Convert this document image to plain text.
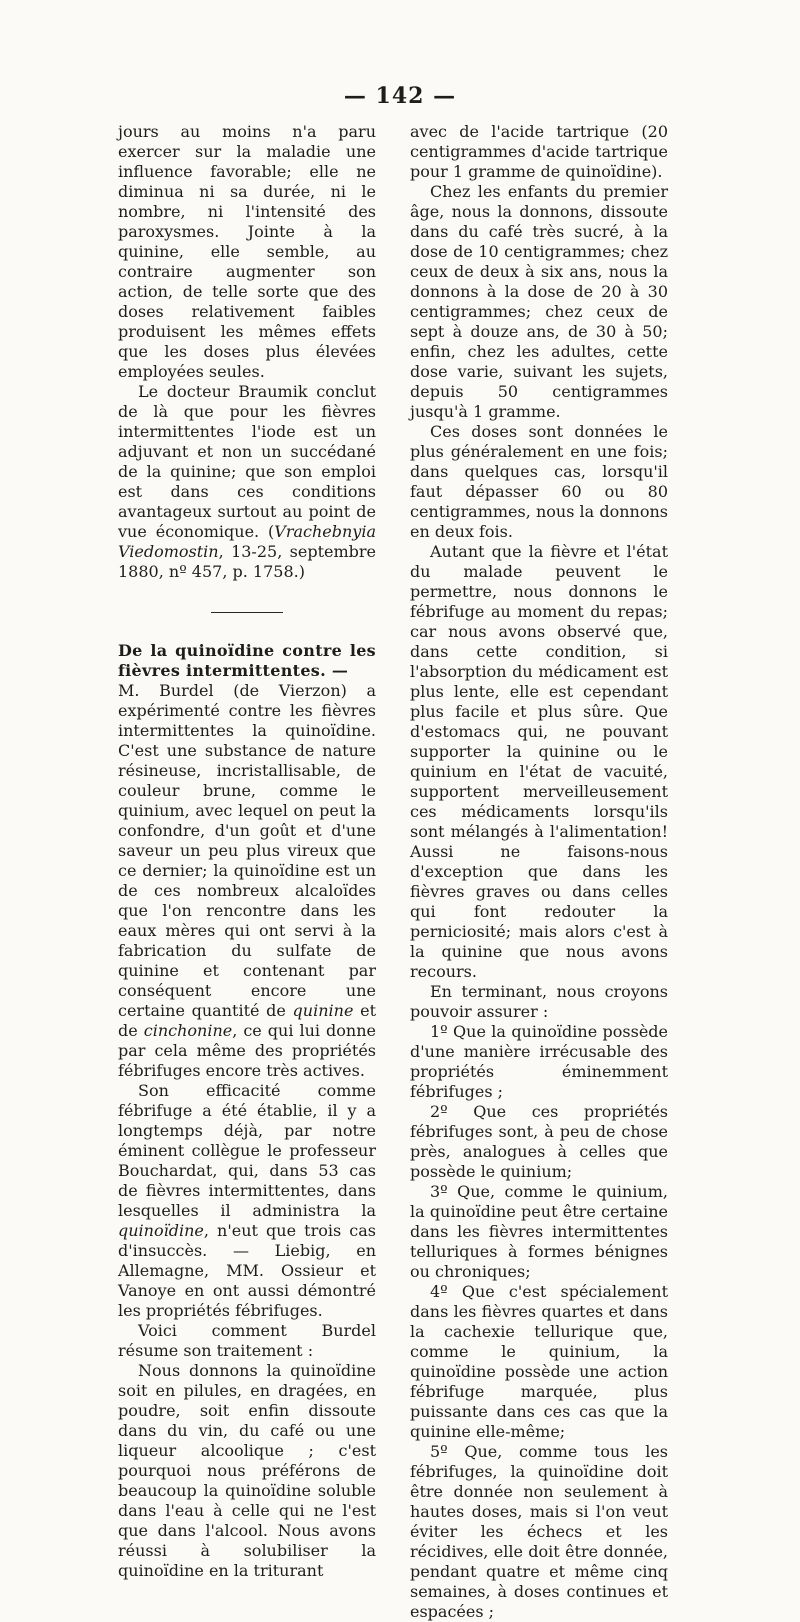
— 142 —

jours au moins n'a paru exercer sur la maladie une influence favorable; elle ne diminua ni sa durée, ni le nombre, ni l'intensité des paroxysmes. Jointe à la quinine, elle semble, au contraire augmenter son action, de telle sorte que des doses relativement faibles produisent les mêmes effets que les doses plus élevées employées seules.

Le docteur Braumik conclut de là que pour les fièvres intermittentes l'iode est un adjuvant et non un succédané de la quinine; que son emploi est dans ces conditions avantageux surtout au point de vue économique. (Vrachebnyia Viedomostin, 13-25, septembre 1880, nº 457, p. 1758.)

De la quinoïdine contre les fièvres intermittentes. —

M. Burdel (de Vierzon) a expérimenté contre les fièvres intermittentes la quinoïdine. C'est une substance de nature résineuse, incristallisable, de couleur brune, comme le quinium, avec lequel on peut la confondre, d'un goût et d'une saveur un peu plus vireux que ce dernier; la quinoïdine est un de ces nombreux alcaloïdes que l'on rencontre dans les eaux mères qui ont servi à la fabrication du sulfate de quinine et contenant par conséquent encore une certaine quantité de quinine et de cinchonine, ce qui lui donne par cela même des propriétés fébrifuges encore très actives.

Son efficacité comme fébrifuge a été établie, il y a longtemps déjà, par notre éminent collègue le professeur Bouchardat, qui, dans 53 cas de fièvres intermittentes, dans lesquelles il administra la quinoïdine, n'eut que trois cas d'insuccès. — Liebig, en Allemagne, MM. Ossieur et Vanoye en ont aussi démontré les propriétés fébrifuges.

Voici comment Burdel résume son traitement :

Nous donnons la quinoïdine soit en pilules, en dragées, en poudre, soit enfin dissoute dans du vin, du café ou une liqueur alcoolique ; c'est pourquoi nous préférons de beaucoup la quinoïdine soluble dans l'eau à celle qui ne l'est que dans l'alcool. Nous avons réussi à solubiliser la quinoïdine en la triturant

avec de l'acide tartrique (20 centigrammes d'acide tartrique pour 1 gramme de quinoïdine).

Chez les enfants du premier âge, nous la donnons, dissoute dans du café très sucré, à la dose de 10 centigrammes; chez ceux de deux à six ans, nous la donnons à la dose de 20 à 30 centigrammes; chez ceux de sept à douze ans, de 30 à 50; enfin, chez les adultes, cette dose varie, suivant les sujets, depuis 50 centigrammes jusqu'à 1 gramme.

Ces doses sont données le plus généralement en une fois; dans quelques cas, lorsqu'il faut dépasser 60 ou 80 centigrammes, nous la donnons en deux fois.

Autant que la fièvre et l'état du malade peuvent le permettre, nous donnons le fébrifuge au moment du repas; car nous avons observé que, dans cette condition, si l'absorption du médicament est plus lente, elle est cependant plus facile et plus sûre. Que d'estomacs qui, ne pouvant supporter la quinine ou le quinium en l'état de vacuité, supportent merveilleusement ces médicaments lorsqu'ils sont mélangés à l'alimentation! Aussi ne faisons-nous d'exception que dans les fièvres graves ou dans celles qui font redouter la perniciosité; mais alors c'est à la quinine que nous avons recours.

En terminant, nous croyons pouvoir assurer :

1º Que la quinoïdine possède d'une manière irrécusable des propriétés éminemment fébrifuges ;

2º Que ces propriétés fébrifuges sont, à peu de chose près, analogues à celles que possède le quinium;

3º Que, comme le quinium, la quinoïdine peut être certaine dans les fièvres intermittentes telluriques à formes bénignes ou chroniques;

4º Que c'est spécialement dans les fièvres quartes et dans la cachexie tellurique que, comme le quinium, la quinoïdine possède une action fébrifuge marquée, plus puissante dans ces cas que la quinine elle-même;

5º Que, comme tous les fébrifuges, la quinoïdine doit être donnée non seulement à hautes doses, mais si l'on veut éviter les échecs et les récidives, elle doit être donnée, pendant quatre et même cinq semaines, à doses continues et espacées ;
